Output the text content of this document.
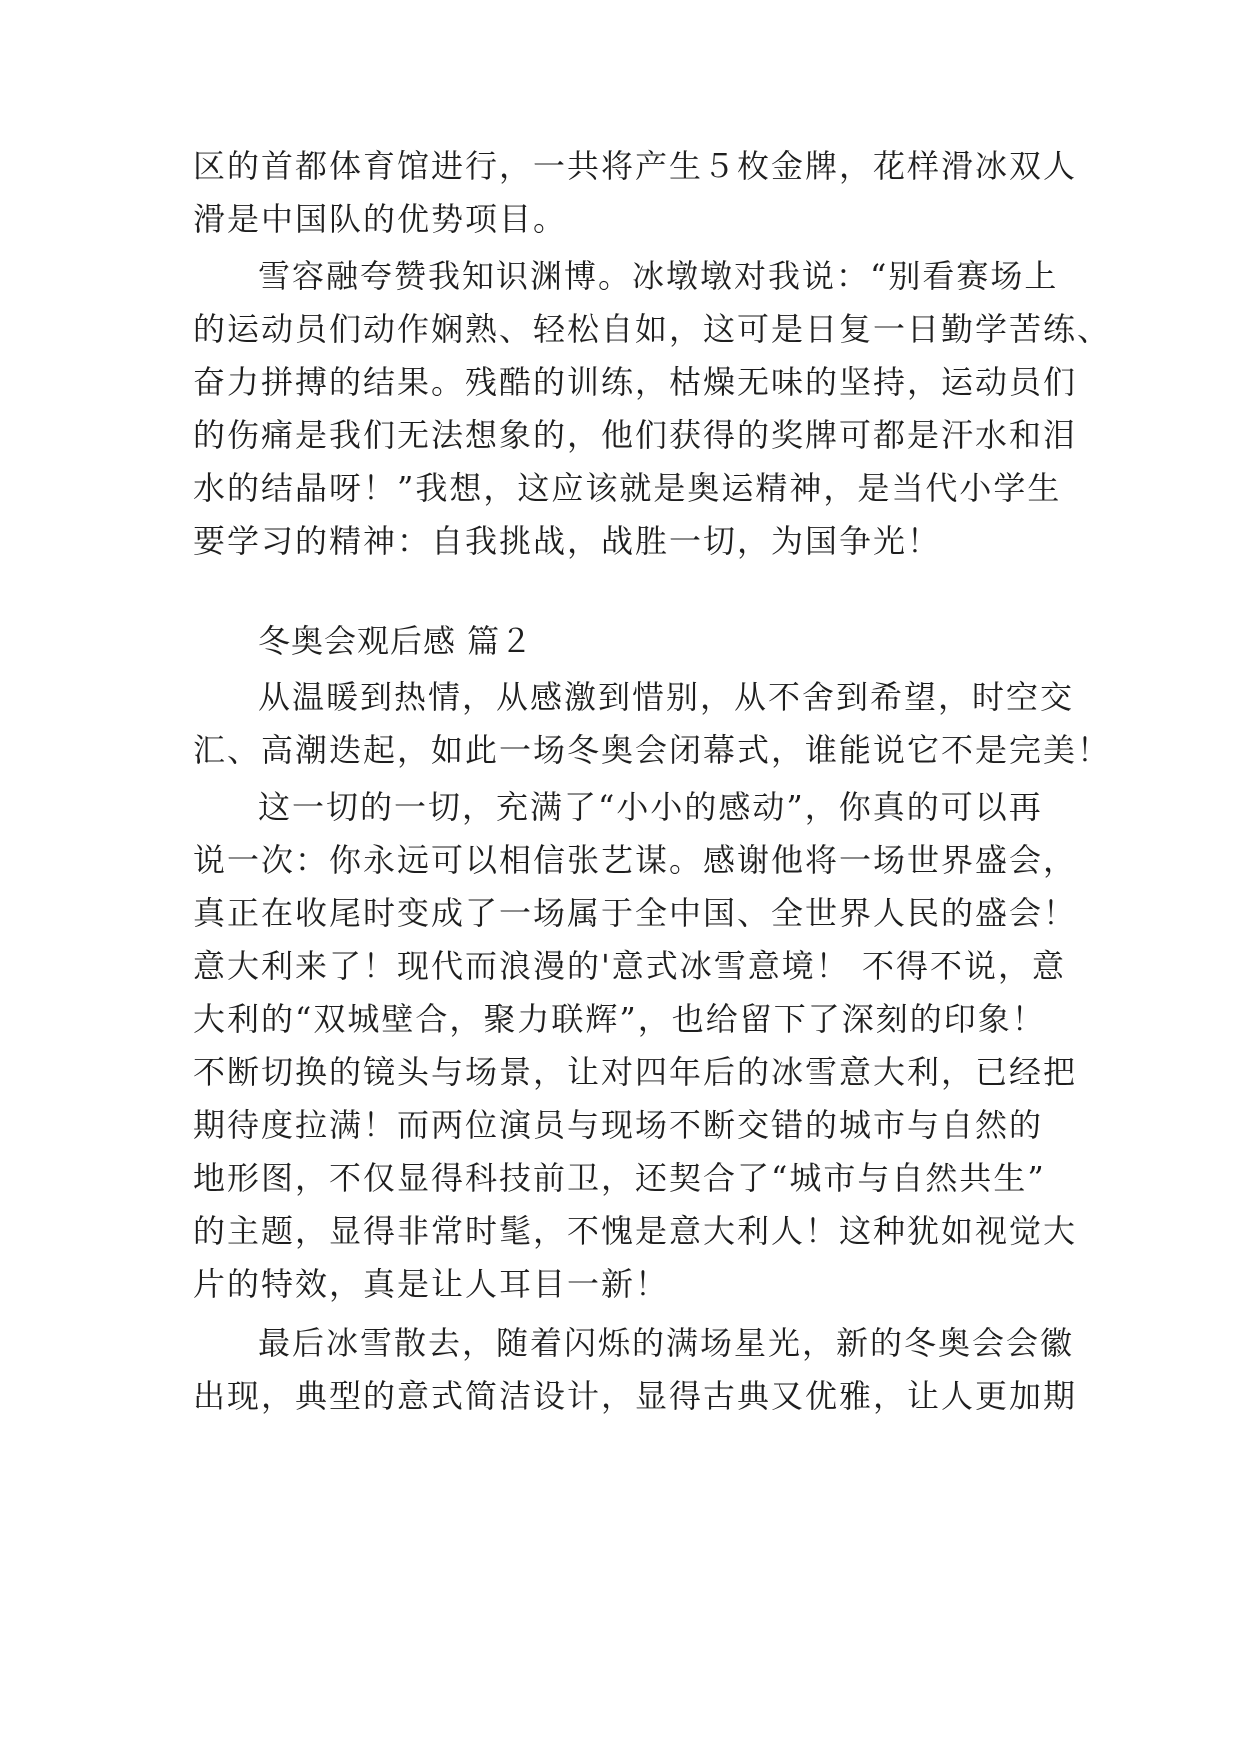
区的首都体育馆进行，一共将产生５枚金牌，花样滑冰双人

滑是中国队的优势项目。

雪容融夸赞我知识渊博。冰墩墩对我说：“别看赛场上

的运动员们动作娴熟、轻松自如，这可是日复一日勤学苦练、

奋力拼搏的结果。残酷的训练，枯燥无味的坚持，运动员们

的伤痛是我们无法想象的，他们获得的奖牌可都是汗水和泪

水的结晶呀！”我想，这应该就是奥运精神，是当代小学生

要学习的精神：自我挑战，战胜一切，为国争光！

冬奥会观后感 篇２

从温暖到热情，从感激到惜别，从不舍到希望，时空交

汇、高潮迭起，如此一场冬奥会闭幕式，谁能说它不是完美！

这一切的一切，充满了“小小的感动”，你真的可以再

说一次：你永远可以相信张艺谋。感谢他将一场世界盛会，

真正在收尾时变成了一场属于全中国、全世界人民的盛会！

意大利来了！现代而浪漫的'意式冰雪意境！ 不得不说，意

大利的“双城壁合，聚力联辉”，也给留下了深刻的印象！

不断切换的镜头与场景，让对四年后的冰雪意大利，已经把

期待度拉满！而两位演员与现场不断交错的城市与自然的

地形图，不仅显得科技前卫，还契合了“城市与自然共生”

的主题，显得非常时髦，不愧是意大利人！这种犹如视觉大

片的特效，真是让人耳目一新！

最后冰雪散去，随着闪烁的满场星光，新的冬奥会会徽

出现，典型的意式简洁设计，显得古典又优雅，让人更加期
